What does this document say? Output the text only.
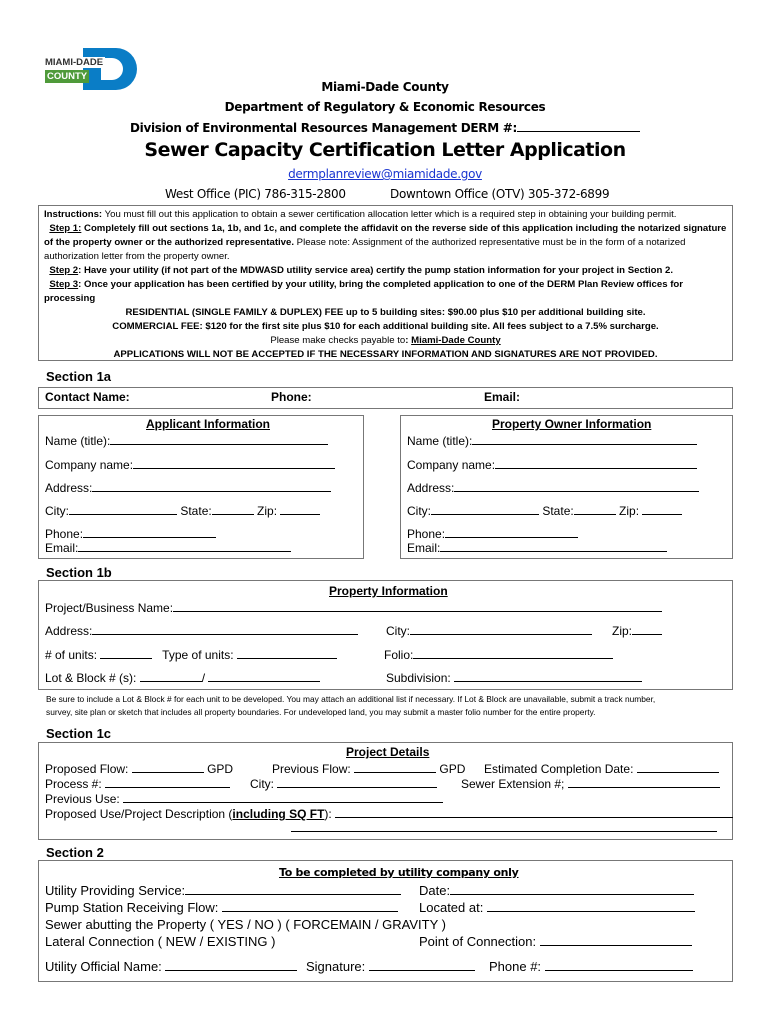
MIAMI-DADE
COUNTY
Miami-Dade County
Department of Regulatory & Economic Resources
Division of Environmental Resources Management DERM #:
Sewer Capacity Certification Letter Application
dermplanreview@miamidade.gov
West Office (PIC) 786-315-2800	Downtown Office (OTV) 305-372-6899
Instructions: You must fill out this application to obtain a sewer certification allocation letter which is a required step in obtaining your building permit.
Step 1: Completely fill out sections 1a, 1b, and 1c, and complete the affidavit on the reverse side of this application including the notarized signature of the property owner or the authorized representative. Please note: Assignment of the authorized representative must be in the form of a notarized authorization letter from the property owner.
Step 2: Have your utility (if not part of the MDWASD utility service area) certify the pump station information for your project in Section 2.
Step 3: Once your application has been certified by your utility, bring the completed application to one of the DERM Plan Review offices for processing
RESIDENTIAL (SINGLE FAMILY & DUPLEX) FEE up to 5 building sites: $90.00 plus $10 per additional building site.
COMMERCIAL FEE: $120 for the first site plus $10 for each additional building site. All fees subject to a 7.5% surcharge.
Please make checks payable to: Miami-Dade County
APPLICATIONS WILL NOT BE ACCEPTED IF THE NECESSARY INFORMATION AND SIGNATURES ARE NOT PROVIDED.
Section 1a
Contact Name:	Phone:	Email:
Applicant Information
Name (title):
Company name:
Address:
City:	State:	Zip:
Phone:
Email:
Property Owner Information
Name (title):
Company name:
Address:
City:	State:	Zip:
Phone:
Email:
Section 1b
Property Information
Project/Business Name:
Address:	City:	Zip:
# of units:	Type of units:	Folio:
Lot & Block # (s):	/	Subdivision:
Be sure to include a Lot & Block # for each unit to be developed. You may attach an additional list if necessary. If Lot & Block are unavailable, submit a track number,
survey, site plan or sketch that includes all property boundaries. For undeveloped land, you may submit a master folio number for the entire property.
Section 1c
Project Details
Proposed Flow:	GPD	Previous Flow:	GPD Estimated Completion Date:
Process #:	City:	Sewer Extension #;
Previous Use:
Proposed Use/Project Description (including SQ FT):
Section 2
To be completed by utility company only
Utility Providing Service:	Date:
Pump Station Receiving Flow:	Located at:
Sewer abutting the Property ( YES / NO ) ( FORCEMAIN / GRAVITY )
Lateral Connection ( NEW / EXISTING )	Point of Connection:
Utility Official Name:	Signature:	Phone #:
